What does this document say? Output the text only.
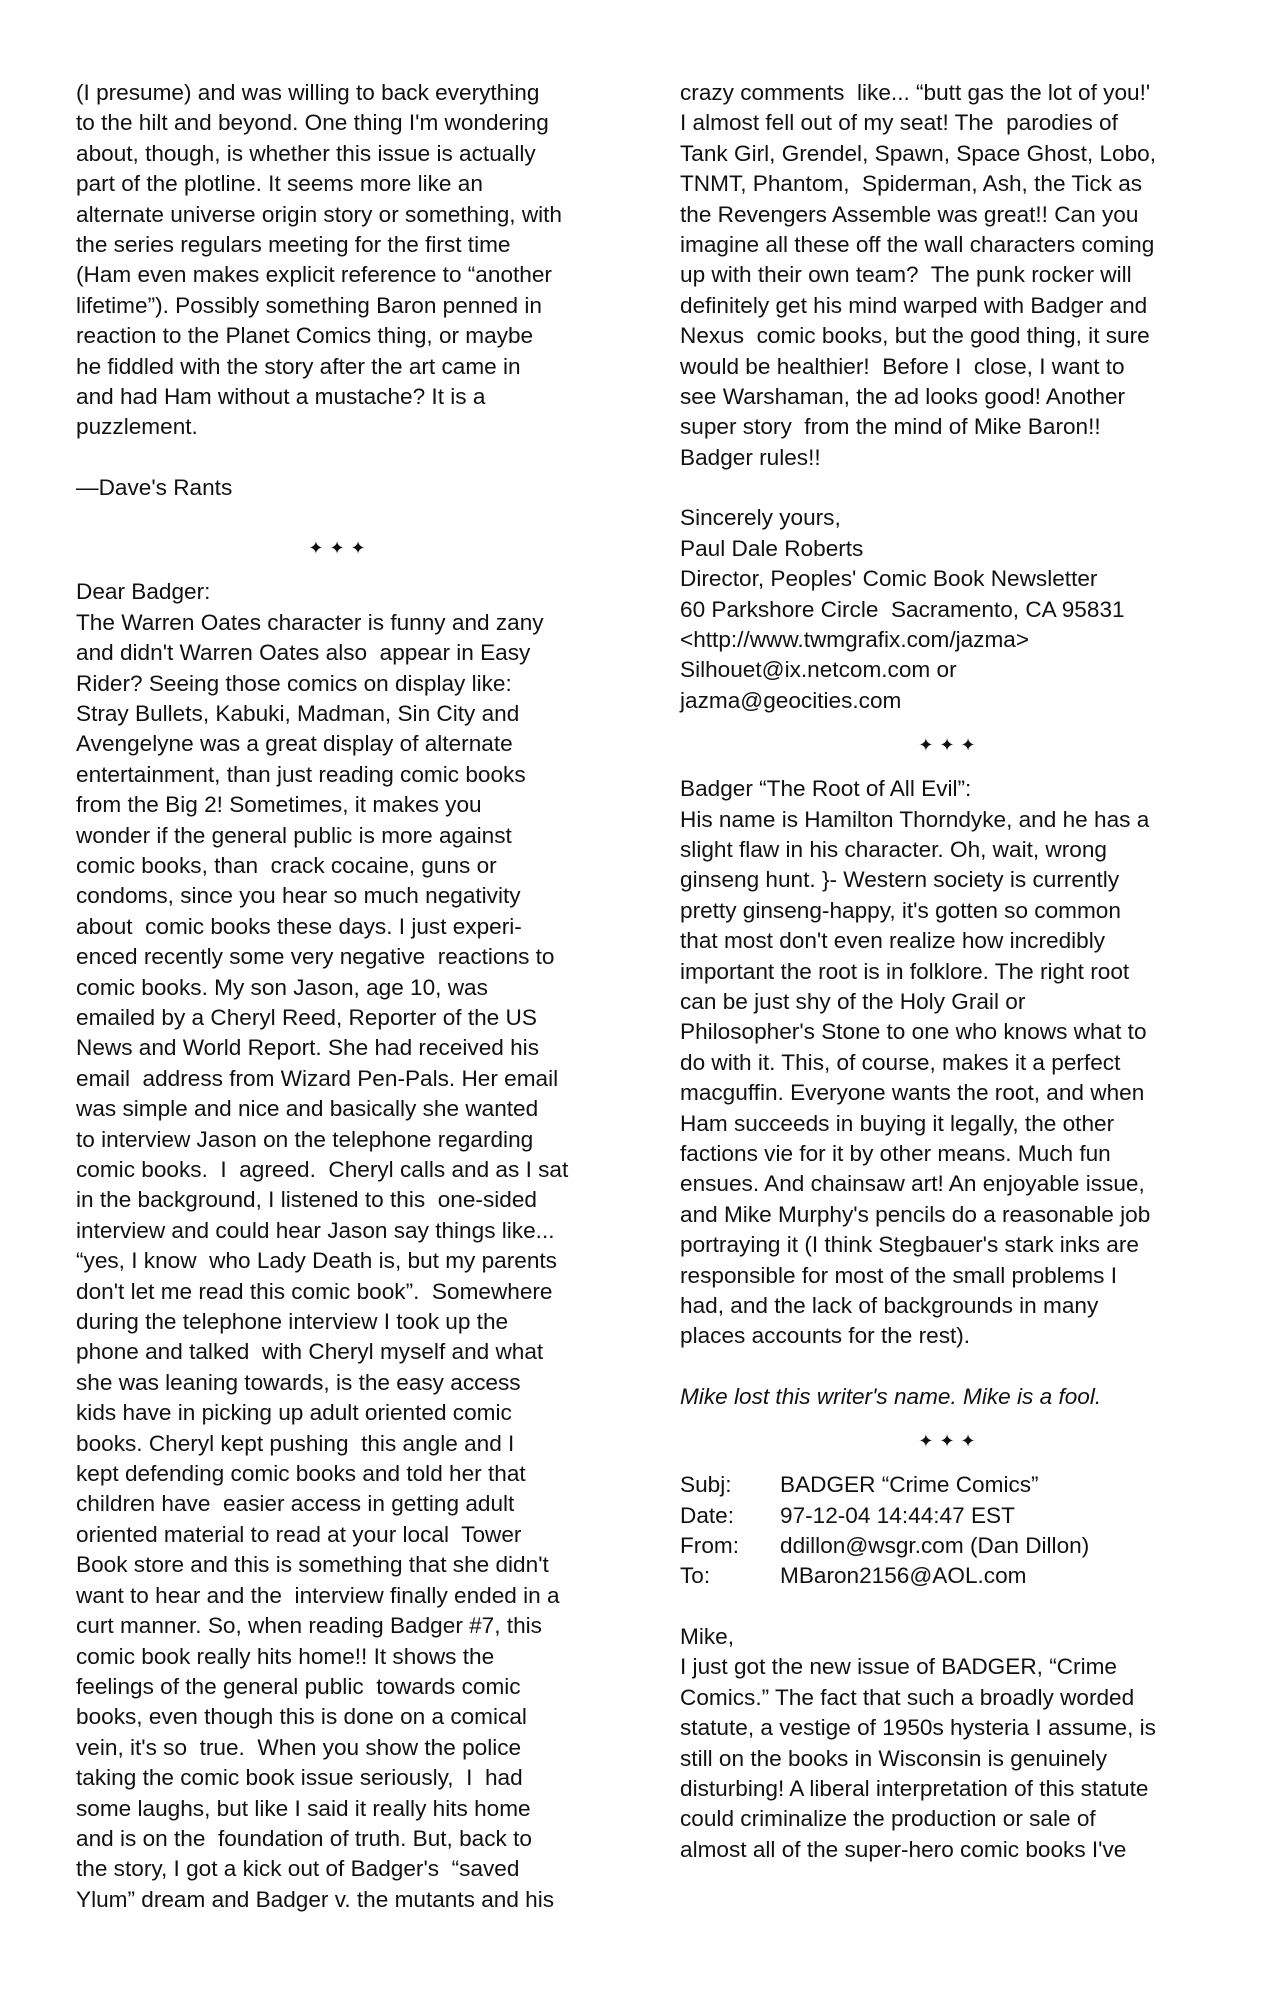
(I presume) and was willing to back everything
to the hilt and beyond. One thing I'm wondering
about, though, is whether this issue is actually
part of the plotline. It seems more like an
alternate universe origin story or something, with
the series regulars meeting for the first time
(Ham even makes explicit reference to “another
lifetime”). Possibly something Baron penned in
reaction to the Planet Comics thing, or maybe
he fiddled with the story after the art came in
and had Ham without a mustache? It is a
puzzlement.
—Dave's Rants
✦✦✦
Dear Badger:
The Warren Oates character is funny and zany
and didn't Warren Oates also  appear in Easy
Rider? Seeing those comics on display like:
Stray Bullets, Kabuki, Madman, Sin City and
Avengelyne was a great display of alternate
entertainment, than just reading comic books
from the Big 2! Sometimes, it makes you
wonder if the general public is more against
comic books, than  crack cocaine, guns or
condoms, since you hear so much negativity
about  comic books these days. I just experi-
enced recently some very negative  reactions to
comic books. My son Jason, age 10, was
emailed by a Cheryl Reed, Reporter of the US
News and World Report. She had received his
email  address from Wizard Pen-Pals. Her email
was simple and nice and basically she wanted
to interview Jason on the telephone regarding
comic books.  I  agreed.  Cheryl calls and as I sat
in the background, I listened to this  one-sided
interview and could hear Jason say things like...
“yes, I know  who Lady Death is, but my parents
don't let me read this comic book”.  Somewhere
during the telephone interview I took up the
phone and talked  with Cheryl myself and what
she was leaning towards, is the easy access
kids have in picking up adult oriented comic
books. Cheryl kept pushing  this angle and I
kept defending comic books and told her that
children have  easier access in getting adult
oriented material to read at your local  Tower
Book store and this is something that she didn't
want to hear and the  interview finally ended in a
curt manner. So, when reading Badger #7, this
comic book really hits home!! It shows the
feelings of the general public  towards comic
books, even though this is done on a comical
vein, it's so  true.  When you show the police
taking the comic book issue seriously,  I  had
some laughs, but like I said it really hits home
and is on the  foundation of truth. But, back to
the story, I got a kick out of Badger's  “saved
Ylum” dream and Badger v. the mutants and his
crazy comments  like... “butt gas the lot of you!'
I almost fell out of my seat! The  parodies of
Tank Girl, Grendel, Spawn, Space Ghost, Lobo,
TNMT, Phantom,  Spiderman, Ash, the Tick as
the Revengers Assemble was great!! Can you
imagine all these off the wall characters coming
up with their own team?  The punk rocker will
definitely get his mind warped with Badger and
Nexus  comic books, but the good thing, it sure
would be healthier!  Before I  close, I want to
see Warshaman, the ad looks good! Another
super story  from the mind of Mike Baron!!
Badger rules!!
Sincerely yours,
Paul Dale Roberts
Director, Peoples' Comic Book Newsletter
60 Parkshore Circle  Sacramento, CA 95831
<http://www.twmgrafix.com/jazma>
Silhouet@ix.netcom.com or
jazma@geocities.com
✦✦✦
Badger “The Root of All Evil”:
His name is Hamilton Thorndyke, and he has a
slight flaw in his character. Oh, wait, wrong
ginseng hunt. }- Western society is currently
pretty ginseng-happy, it's gotten so common
that most don't even realize how incredibly
important the root is in folklore. The right root
can be just shy of the Holy Grail or
Philosopher's Stone to one who knows what to
do with it. This, of course, makes it a perfect
macguffin. Everyone wants the root, and when
Ham succeeds in buying it legally, the other
factions vie for it by other means. Much fun
ensues. And chainsaw art! An enjoyable issue,
and Mike Murphy's pencils do a reasonable job
portraying it (I think Stegbauer's stark inks are
responsible for most of the small problems I
had, and the lack of backgrounds in many
places accounts for the rest).
Mike lost this writer's name. Mike is a fool.
✦✦✦
Subj:	BADGER “Crime Comics”
Date:	97-12-04 14:44:47 EST
From:	ddillon@wsgr.com (Dan Dillon)
To:	MBaron2156@AOL.com
Mike,
I just got the new issue of BADGER, “Crime
Comics.” The fact that such a broadly worded
statute, a vestige of 1950s hysteria I assume, is
still on the books in Wisconsin is genuinely
disturbing! A liberal interpretation of this statute
could criminalize the production or sale of
almost all of the super-hero comic books I've
